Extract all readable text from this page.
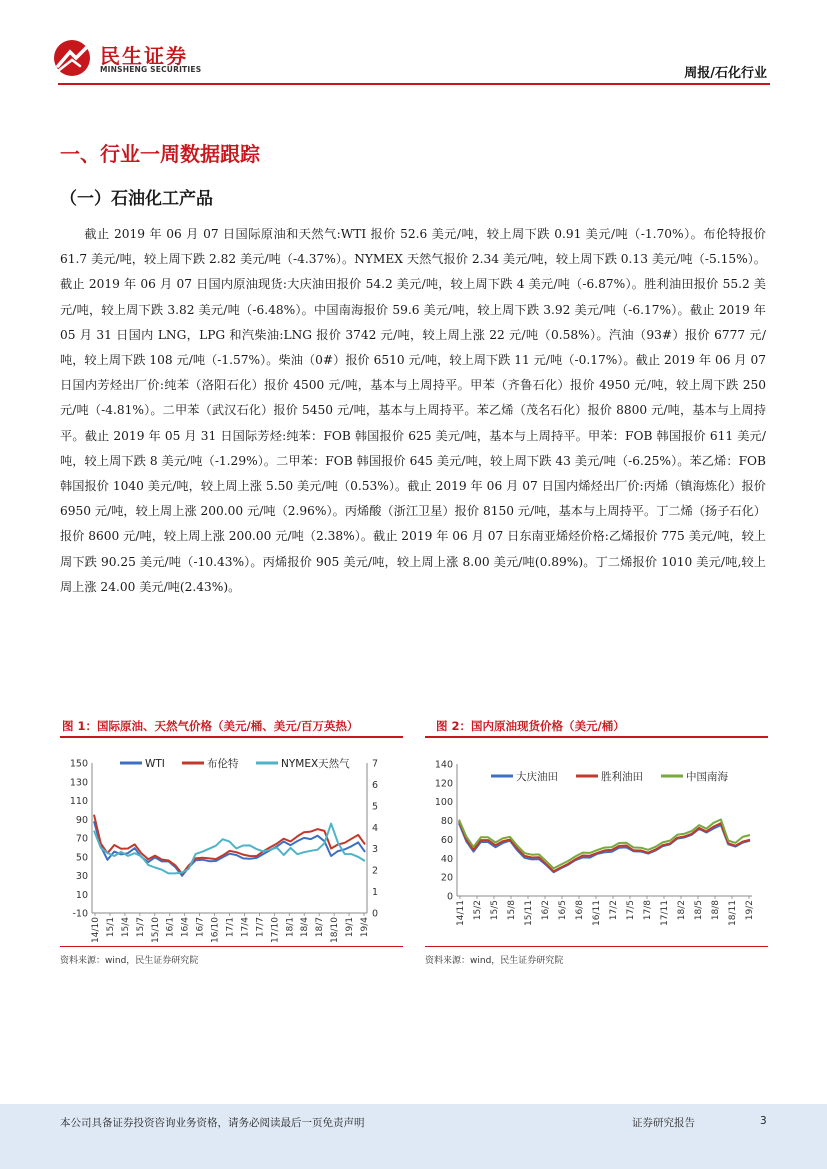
民生证券
MINSHENG SECURITIES	周报/石化行业
一、行业一周数据跟踪
（一）石油化工产品

截止 2019 年 06 月 07 日国际原油和天然气:WTI 报价 52.6 美元/吨，较上周下跌 0.91 美元/吨（-1.70%）。布伦特报价 61.7 美元/吨，较上周下跌 2.82 美元/吨（-4.37%）。NYMEX 天然气报价 2.34 美元/吨，较上周下跌 0.13 美元/吨（-5.15%）。截止 2019 年 06 月 07 日国内原油现货:大庆油田报价 54.2 美元/吨，较上周下跌 4 美元/吨（-6.87%）。胜利油田报价 55.2 美元/吨，较上周下跌 3.82 美元/吨（-6.48%）。中国南海报价 59.6 美元/吨，较上周下跌 3.92 美元/吨（-6.17%）。截止 2019 年 05 月 31 日国内 LNG，LPG 和汽柴油:LNG 报价 3742 元/吨，较上周上涨 22 元/吨（0.58%）。汽油（93#）报价 6777 元/吨，较上周下跌 108 元/吨（-1.57%）。柴油（0#）报价 6510 元/吨，较上周下跌 11 元/吨（-0.17%）。截止 2019 年 06 月 07 日国内芳烃出厂价:纯苯（洛阳石化）报价 4500 元/吨，基本与上周持平。甲苯（齐鲁石化）报价 4950 元/吨，较上周下跌 250 元/吨（-4.81%）。二甲苯（武汉石化）报价 5450 元/吨，基本与上周持平。苯乙烯（茂名石化）报价 8800 元/吨，基本与上周持平。截止 2019 年 05 月 31 日国际芳烃:纯苯：FOB 韩国报价 625 美元/吨，基本与上周持平。甲苯：FOB 韩国报价 611 美元/吨，较上周下跌 8 美元/吨（-1.29%）。二甲苯：FOB 韩国报价 645 美元/吨，较上周下跌 43 美元/吨（-6.25%）。苯乙烯：FOB 韩国报价 1040 美元/吨，较上周上涨 5.50 美元/吨（0.53%）。截止 2019 年 06 月 07 日国内烯烃出厂价:丙烯（镇海炼化）报价 6950 元/吨，较上周上涨 200.00 元/吨（2.96%）。丙烯酸（浙江卫星）报价 8150 元/吨，基本与上周持平。丁二烯（扬子石化）报价 8600 元/吨，较上周上涨 200.00 元/吨（2.38%）。截止 2019 年 06 月 07 日东南亚烯烃价格:乙烯报价 775 美元/吨，较上周下跌 90.25 美元/吨（-10.43%）。丙烯报价 905 美元/吨，较上周上涨 8.00 美元/吨(0.89%)。丁二烯报价 1010 美元/吨,较上周上涨 24.00 美元/吨(2.43%)。

图 1：国际原油、天然气价格（美元/桶、美元/百万英热）
150
130
110
90
70
50
30
10
-10
7
6
5
4
3
2
1
0
14/10 15/1 15/4 15/7 15/10 16/1 16/4 16/7 16/10 17/1 17/4 17/7 17/10 18/1 18/4 18/7 18/10 19/1 19/4
WTI	布伦特	NYMEX天然气
资料来源：wind，民生证券研究院
图 2：国内原油现货价格（美元/桶）
140
120
100
80
60
40
20
0
14/11 15/2 15/5 15/8 15/11 16/2 16/5 16/8 16/11 17/2 17/5 17/8 17/11 18/2 18/5 18/8 18/11 19/2
大庆油田	胜利油田	中国南海
资料来源：wind，民生证券研究院
本公司具备证券投资咨询业务资格，请务必阅读最后一页免责声明	证券研究报告	3
